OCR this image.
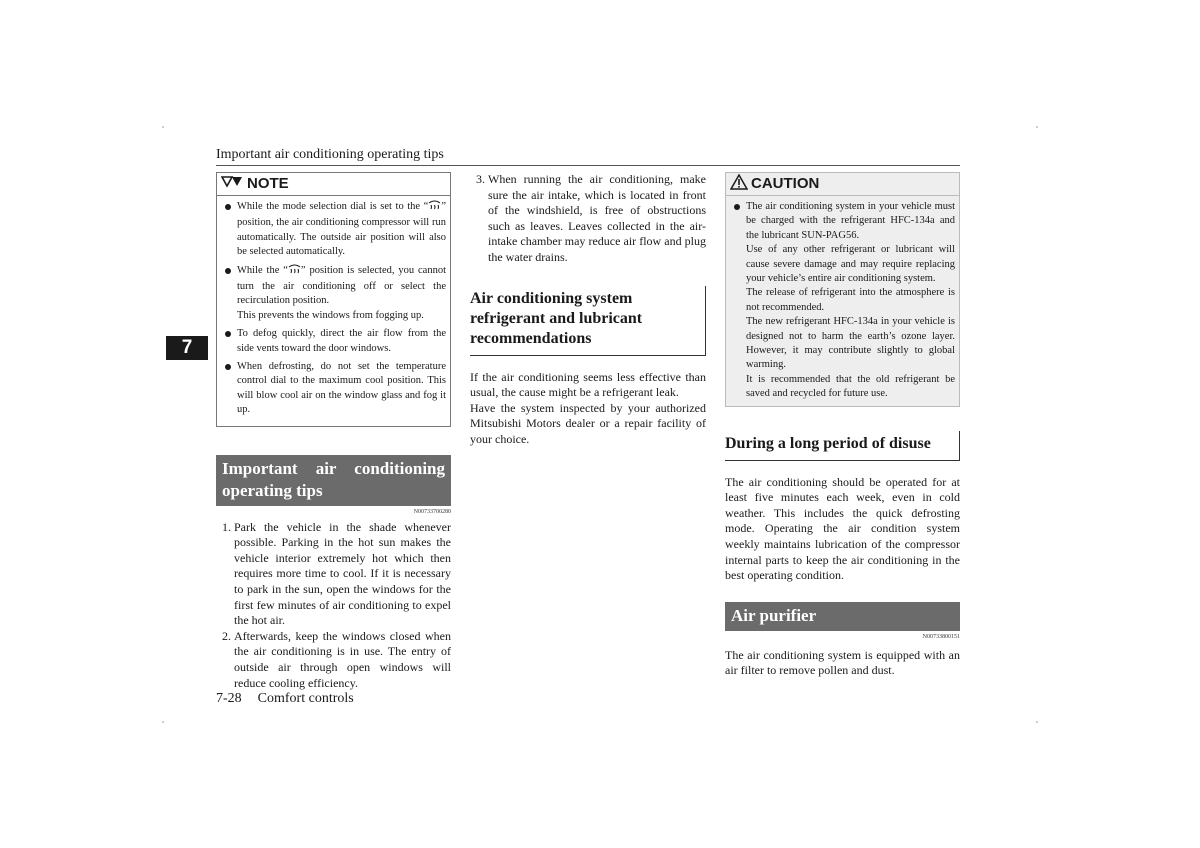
Important air conditioning operating tips
7
NOTE
While the mode selection dial is set to the “ ” position, the air conditioning compressor will run automatically. The outside air position will also be selected automatically.
While the “ ” position is selected, you cannot turn the air conditioning off or select the recirculation position.
This prevents the windows from fogging up.
To defog quickly, direct the air flow from the side vents toward the door windows.
When defrosting, do not set the temperature control dial to the maximum cool position. This will blow cool air on the window glass and fog it up.
Important air conditioning operating tips
N00733700280
1. Park the vehicle in the shade whenever possible. Parking in the hot sun makes the vehicle interior extremely hot which then requires more time to cool. If it is necessary to park in the sun, open the windows for the first few minutes of air conditioning to expel the hot air.
2. Afterwards, keep the windows closed when the air conditioning is in use. The entry of outside air through open windows will reduce cooling efficiency.
3. When running the air conditioning, make sure the air intake, which is located in front of the windshield, is free of obstructions such as leaves. Leaves collected in the air-intake chamber may reduce air flow and plug the water drains.
Air conditioning system refrigerant and lubricant recommendations

If the air conditioning seems less effective than usual, the cause might be a refrigerant leak.

Have the system inspected by your authorized Mitsubishi Motors dealer or a repair facility of your choice.

CAUTION
The air conditioning system in your vehicle must be charged with the refrigerant HFC-134a and the lubricant SUN-PAG56.
Use of any other refrigerant or lubricant will cause severe damage and may require replacing your vehicle’s entire air conditioning system.
The release of refrigerant into the atmosphere is not recommended.
The new refrigerant HFC-134a in your vehicle is designed not to harm the earth’s ozone layer. However, it may contribute slightly to global warming.
It is recommended that the old refrigerant be saved and recycled for future use.
During a long period of disuse

The air conditioning should be operated for at least five minutes each week, even in cold weather. This includes the quick defrosting mode. Operating the air condition system weekly maintains lubrication of the compressor internal parts to keep the air conditioning in the best operating condition.

Air purifier
N00733800151

The air conditioning system is equipped with an air filter to remove pollen and dust.

7-28 Comfort controls
